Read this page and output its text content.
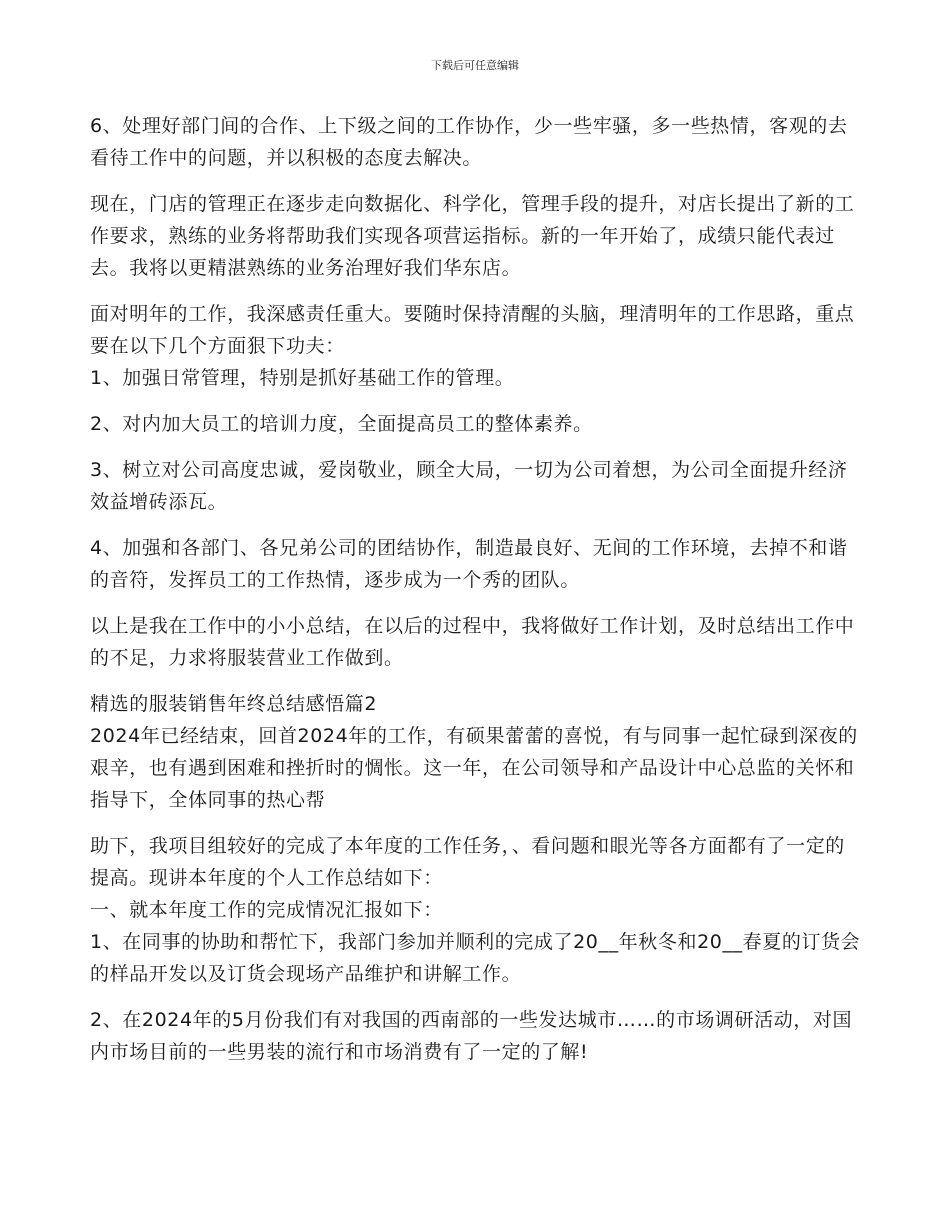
下载后可任意编辑

6、处理好部门间的合作、上下级之间的工作协作，少一些牢骚，多一些热情，客观的去看待工作中的问题，并以积极的态度去解决。

现在，门店的管理正在逐步走向数据化、科学化，管理手段的提升，对店长提出了新的工作要求，熟练的业务将帮助我们实现各项营运指标。新的一年开始了，成绩只能代表过去。我将以更精湛熟练的业务治理好我们华东店。

面对明年的工作，我深感责任重大。要随时保持清醒的头脑，理清明年的工作思路，重点要在以下几个方面狠下功夫：

1、加强日常管理，特别是抓好基础工作的管理。

2、对内加大员工的培训力度，全面提高员工的整体素养。

3、树立对公司高度忠诚，爱岗敬业，顾全大局，一切为公司着想，为公司全面提升经济效益增砖添瓦。

4、加强和各部门、各兄弟公司的团结协作，制造最良好、无间的工作环境，去掉不和谐的音符，发挥员工的工作热情，逐步成为一个秀的团队。

以上是我在工作中的小小总结，在以后的过程中，我将做好工作计划，及时总结出工作中的不足，力求将服装营业工作做到。

精选的服装销售年终总结感悟篇2

2024年已经结束，回首2024年的工作，有硕果蕾蕾的喜悦，有与同事一起忙碌到深夜的艰辛，也有遇到困难和挫折时的惆怅。这一年，在公司领导和产品设计中心总监的关怀和指导下，全体同事的热心帮

助下，我项目组较好的完成了本年度的工作任务，、看问题和眼光等各方面都有了一定的提高。现讲本年度的个人工作总结如下：

一、就本年度工作的完成情况汇报如下：

1、在同事的协助和帮忙下，我部门参加并顺利的完成了20__年秋冬和20__春夏的订货会的样品开发以及订货会现场产品维护和讲解工作。

2、在2024年的5月份我们有对我国的西南部的一些发达城市……的市场调研活动，对国内市场目前的一些男装的流行和市场消费有了一定的了解!
